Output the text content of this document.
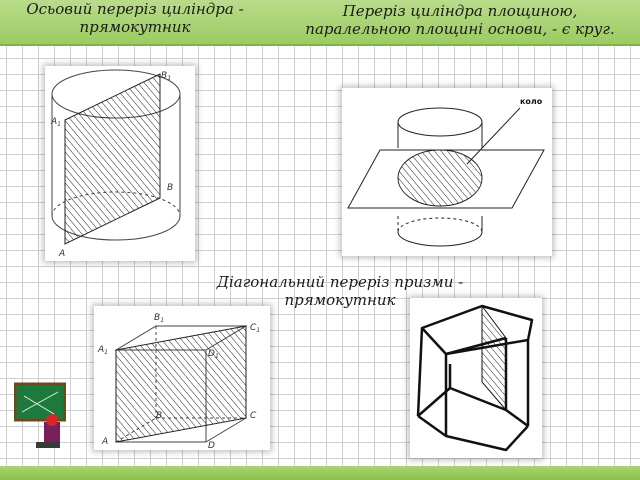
Осьовий переріз циліндра - прямокутник
Переріз циліндра площиною, паралельною площині основи, - є круг.
$A_1$
$B_1$
B
A
коло
Діагональний переріз призми - прямокутник
$B_1$
$C_1$
$A_1$	$D_1$
B	C
A	D
